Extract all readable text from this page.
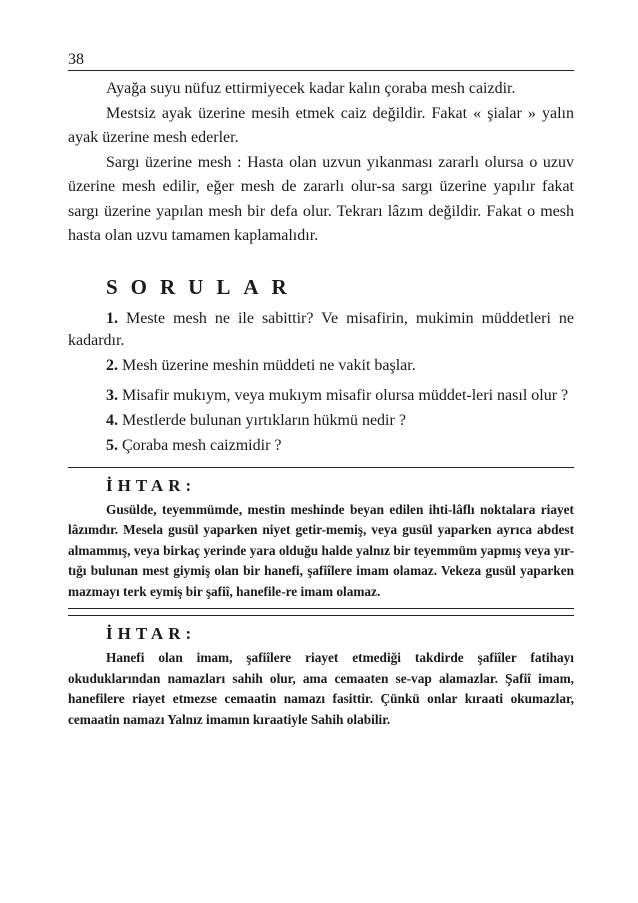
38

Ayağa suyu nüfuz ettirmiyecek kadar kalın çoraba mesh caizdir.

Mestsiz ayak üzerine mesih etmek caiz değildir. Fakat « şialar » yalın ayak üzerine mesh ederler.

Sargı üzerine mesh : Hasta olan uzvun yıkanması zararlı olursa o uzuv üzerine mesh edilir, eğer mesh de zararlı olur-sa sargı üzerine yapılır fakat sargı üzerine yapılan mesh bir defa olur. Tekrarı lâzım değildir. Fakat o mesh hasta olan uzvu tamamen kaplamalıdır.

SORULAR

1. Meste mesh ne ile sabittir? Ve misafirin, mukimin müddetleri ne kadardır.

2. Mesh üzerine meshin müddeti ne vakit başlar.

3. Misafir mukıym, veya mukıym misafir olursa müddet-leri nasıl olur ?

4. Mestlerde bulunan yırtıkların hükmü nedir ?

5. Çoraba mesh caizmidir ?

İHTAR:

Gusülde, teyemmümde, mestin meshinde beyan edilen ihti-lâflı noktalara riayet lâzımdır. Mesela gusül yaparken niyet getir-memiş, veya gusül yaparken ayrıca abdest almammış, veya birkaç yerinde yara olduğu halde yalnız bir teyemmüm yapmış veya yır-tığı bulunan mest giymiş olan bir hanefi, şafiîlere imam olamaz. Vekeza gusül yaparken mazmayı terk eymiş bir şafiî, hanefile-re imam olamaz.

İHTAR:

Hanefi olan imam, şafiîlere riayet etmediği takdirde şafiîler fatihayı okuduklarından namazları sahih olur, ama cemaaten se-vap alamazlar. Şafiî imam, hanefilere riayet etmezse cemaatin namazı fasittir. Çünkü onlar kıraati okumazlar, cemaatin namazı Yalnız imamın kıraatiyle Sahih olabilir.
